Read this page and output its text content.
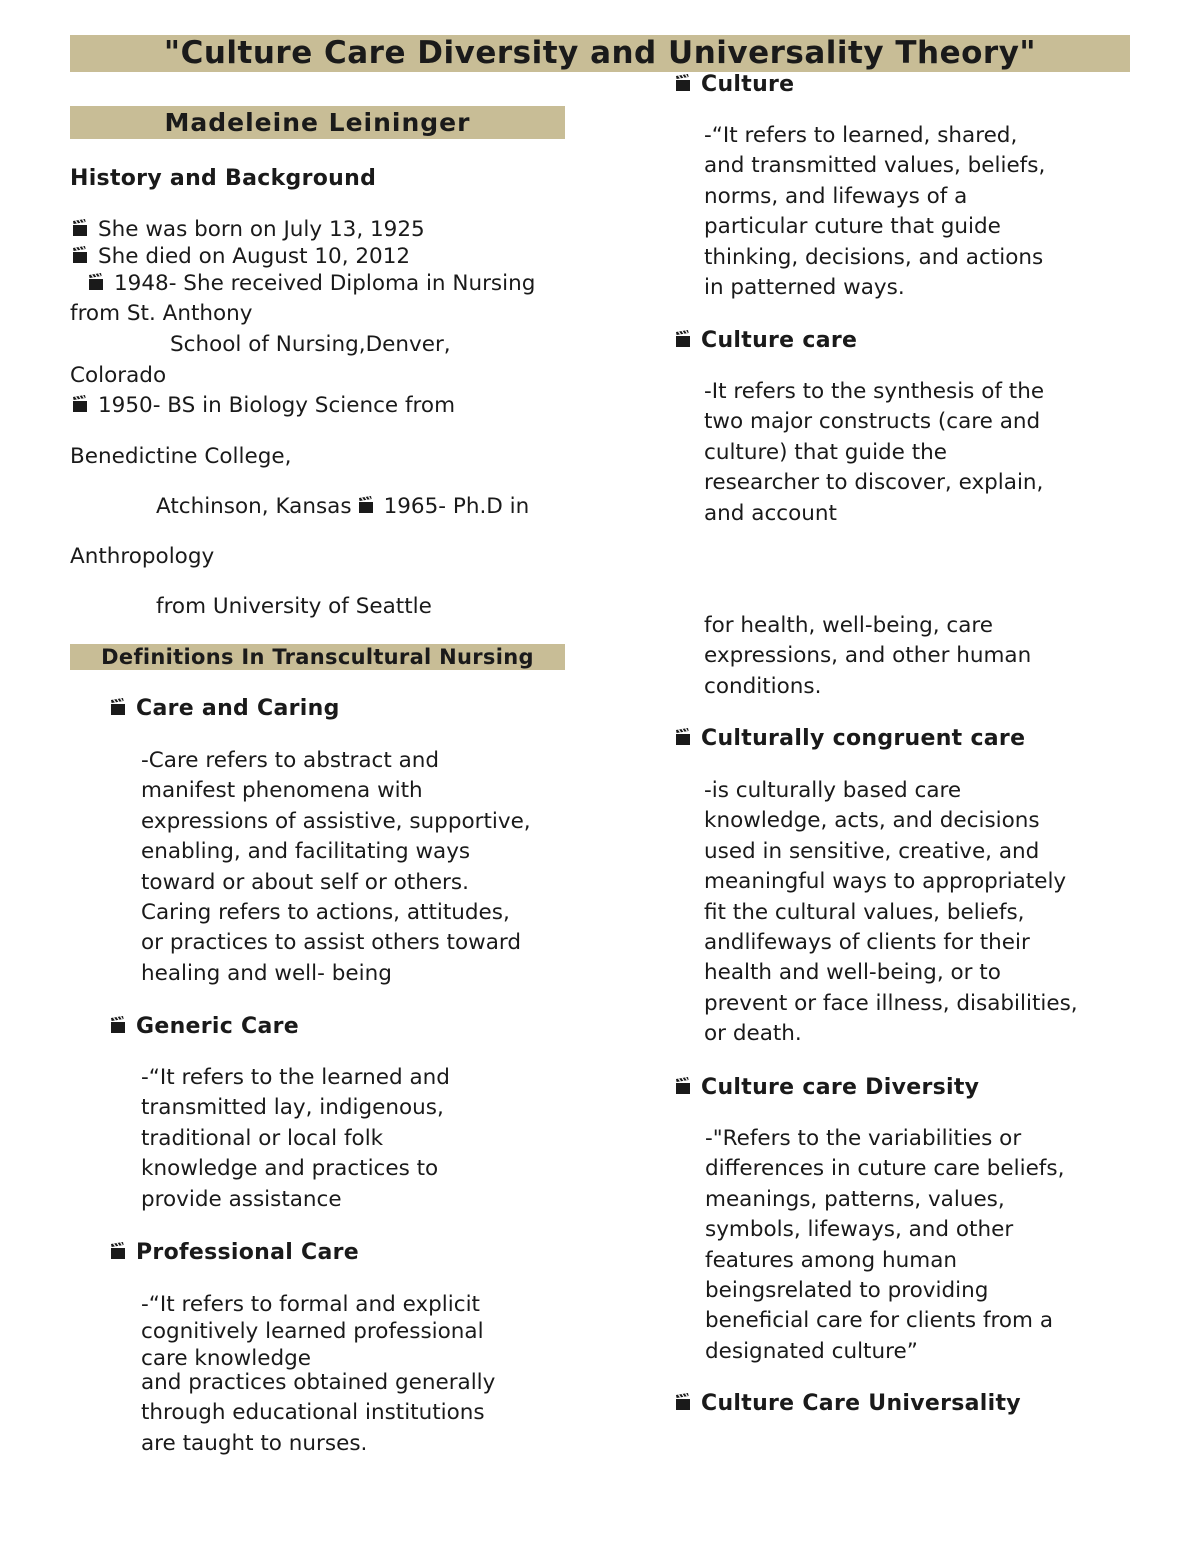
"Culture Care Diversity and Universality Theory"
Madeleine Leininger
History and Background
She was born on July 13, 1925
She died on August 10, 2012
1948- She received Diploma in Nursing
from St. Anthony
School of Nursing,Denver,
Colorado
1950- BS in Biology Science from
Benedictine College,
Atchinson, Kansas 1965- Ph.D in
Anthropology
from University of Seattle
Definitions In Transcultural Nursing
Care and Caring
-Care refers to abstract and
manifest phenomena with
expressions of assistive, supportive,
enabling, and facilitating ways
toward or about self or others.
Caring refers to actions, attitudes,
or practices to assist others toward
healing and well- being
Generic Care
-“It refers to the learned and
transmitted lay, indigenous,
traditional or local folk
knowledge and practices to
provide assistance
Professional Care
-“It refers to formal and explicit
cognitively learned professional
care knowledge
and practices obtained generally
through educational institutions
are taught to nurses.
Culture
-“It refers to learned, shared,
and transmitted values, beliefs,
norms, and lifeways of a
particular cuture that guide
thinking, decisions, and actions
in patterned ways.
Culture care
-It refers to the synthesis of the
two major constructs (care and
culture) that guide the
researcher to discover, explain,
and account
for health, well-being, care
expressions, and other human
conditions.
Culturally congruent care
-is culturally based care
knowledge, acts, and decisions
used in sensitive, creative, and
meaningful ways to appropriately
fit the cultural values, beliefs,
andlifeways of clients for their
health and well-being, or to
prevent or face illness, disabilities,
or death.
Culture care Diversity
-"Refers to the variabilities or
differences in cuture care beliefs,
meanings, patterns, values,
symbols, lifeways, and other
features among human
beingsrelated to providing
beneficial care for clients from a
designated culture”
Culture Care Universality
